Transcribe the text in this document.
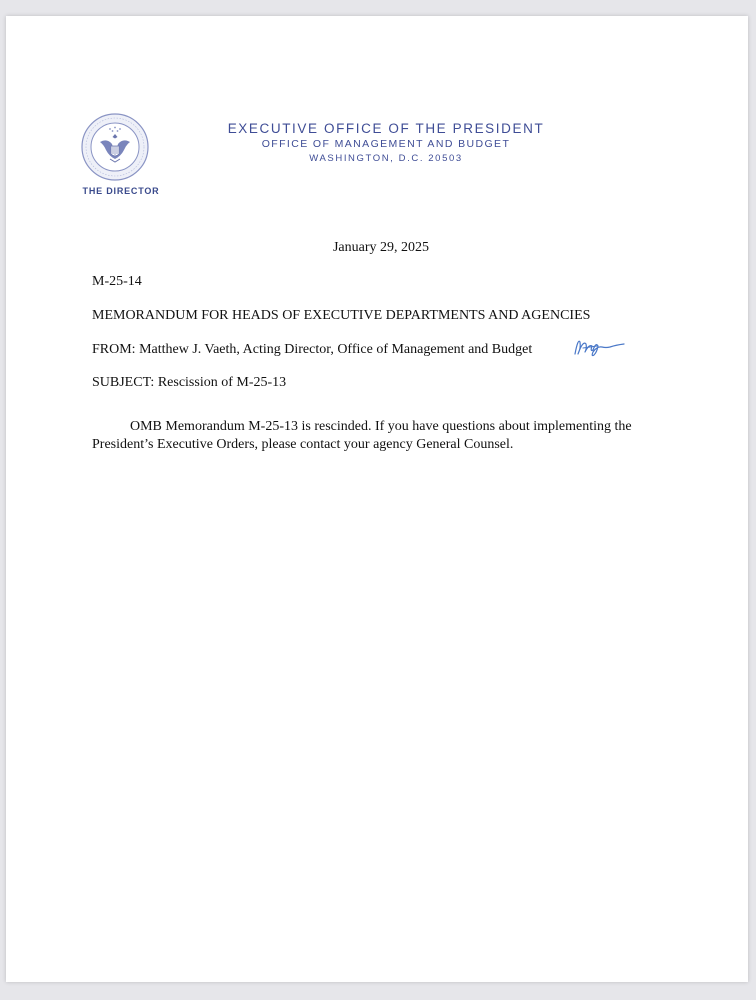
THE DIRECTOR
EXECUTIVE OFFICE OF THE PRESIDENT
OFFICE OF MANAGEMENT AND BUDGET
WASHINGTON, D.C. 20503
January 29, 2025
M-25-14
MEMORANDUM FOR HEADS OF EXECUTIVE DEPARTMENTS AND AGENCIES
FROM: Matthew J. Vaeth, Acting Director, Office of Management and Budget
SUBJECT: Rescission of M-25-13
OMB Memorandum M-25-13 is rescinded. If you have questions about implementing the President’s Executive Orders, please contact your agency General Counsel.
